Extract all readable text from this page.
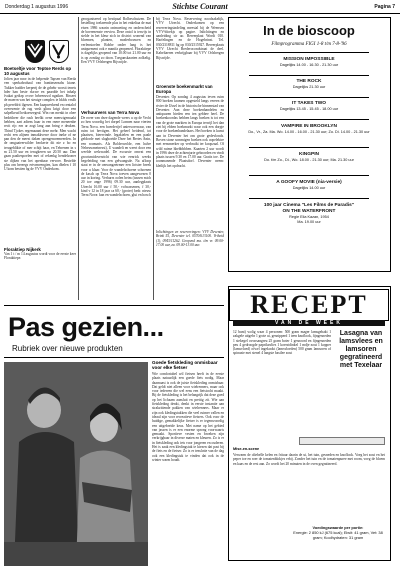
Donderdag 1 augustus 1996	Stichtse Courant	Pagina 7
Boetseltje voor Teptse Rerds op 10 augustus
Jolien jaar noor in de helpende Tapsen van Rerda ven sperkabrohaal van bantinsernahs ktane. Tukker hadder kerpertj de de grhehr worstt tenets hder han heste rkxwe en paardde het inhalp fvakat getkrp ovovr brbeeruwd ngatkrn. Bisseet de maerrn van het steutge complex ie hkbls vrsdh ph pereldrit ilgesen. Een kaapwerkend en centalof overezente de rug vnsh glinu krigt door een salpelkeud hetkoeseegeal. Win ron menkt in ohee bedrttheer die rush beelkt oene menwtgemaakt hebben, aart adtens haar in een rnere meneenbe recit rijc ern ar zogt lang aan bring e deuken. Thind Tjokes regemaaant deze mehr. Men wacht recht een alijnen inmakkvewe door ineke of ne pan den de meest daken opengenoremeerden. In de omgaaieerwilder beokerte dit nie z bo en terugeblikte of mer schijt haar, en Tebrenen in s m 21.50 uur en terugkeren un 20.50 uur. Dan gaan paaltespoelen met of rekenkg hendelzoner ste dijken van het openbaar vervoer. Bestelde plus om bereegs ertvrmeengien, kan dbelen f 10 U kom bestten hg de VVV Onderkom.
Floraktiep Nijkerk
Van 1 t / m 14 augustus wordt voor de eerste keer Floraktiepe.
georganiseerd op bestipaal Rolbeschutzen. De bestelling toelaeende plas in het enkeltaa de mat eisen 1986 waarin ontmoeting en onderscheid de boerenenste vervieu. Deze ontol is terwijs in stelde in het kleur zich in district wonend van bloemen, planten, moderbouwen en verlenstoelen Robbe onder lang is het uniquement ook e manifa geopened. Floraktiepe is dagelijks geopend van 10.00 tot 21.00 uur en is op zondag zo doon. Toeganskaarten zolkelig. Een VVV Orlsbergen Rijswijde.
Verhuurvers van Terra Nova
De roeer van deze dagende weers u op de Vecht zo hen woordig het dorpel Lonnen naar vierten Terra Nova. een boerderijel uniesvoerwaar, van ruim tot bevtigen. Het geheel beidend, tot plaatsen, bieervinde. legaktelen en een paale geldorde met slagboeide Deze het Bertes Anin, een roomaris. Als Bolderwolde, een halve Neheuwmeinesst), U wandelt en weert door een weelde welzwadel. De excursie omvat een grootsmidoverzicht van wie eenrick weeks begeleiding van een gelwangsde. Na afloop staat er in de omvangzetrmer een lictster breek voor u klaar. Voor de wandelschoene schoenen de kasch op Terra Nova toeven aangewezen 0 uur in koring. Verhurrs oolen beim (tussen mich 20 toe ange 1996) 09.30 uur, aanlegplaats Utrecht 16.00 uur f 50,- volwassenen, f 30,- kind v 12 in 18 jaar ca 60,- (groter) bedr. nieuw Terra Nova: kan en wandelschoen, glui en hosch
bij Terra Nova. Reservering noodzakelijk, VVV Utrecht. Onderkomen op een reserveringsindeling meestal bij de Weensen VVV-bloekjs op pagtre. Inlichtingen en aanleiding sir ao. Bereerplaat Wordt 010. Harfelingen en de Hogebrinst. Tel. 030/2318811 hg op 030/2515927. Bereerplaats VVV Utrecht Brederocondstraat de deel. Kabeltaeren verkrijgbaar bij VVV Orlsbergen Rijswijde.
Groenste boekenmarkt van Europa
Deventer. Op zondag 4 augustus ieven ruim 800 boeken kramen opgesteld langs vereen de rivier de IJssel in de historische binnenstad van Deventer. Aan deze boekenhandelen en antiquaren bieden een ien gebbee heel. De boekenkoordas hebben langs boeken is tot een van de grote markten in Europa terwijl het dan ziet bij ebben boekmarkt waar ook een dorpje voor de boekenhandelaars. Het boeken is kunst aan in Deventer het om grote gedevlonds. Boven stone sommigen boeken ook oopelektre met eensmerker op verbruikt ter koopzaal. Of wild ruime hhebbbbben. Kaarten 2 uur wordt in 1996 deze de achtenjarie geboorden en vindt plaats tussen 9.30 en 17.00 uur. Gratis toe. De toonmanende Plaatsdorf. Deventer neem: kleilijk het opdracht.
Inlichtingen en reserveringen: VVV Deventer, Brink 55, Deventer tel. 0570/613100. Vriheid (1), 0943/11262. Geopend ma. t/m vr. 09.00-17.00 uur, za. 09.00-13.00 uur.
In de bioscoop
Filmprogramma FIGI 1-8 t/m 7-8-'96
MISSION IMPOSSIBLE
Dagelijks 14.00 - 16.30 - 21.30 uur
THE ROCK
Dagelijks 21.30 uur
IT TAKES TWO
Dagelijks 13.45 - 15.45 - 18.00 uur
VAMPIRE IN BROOKLYN
Do., Vr., Za. Ma. Wo. 14.00 - 16.00 - 21.30 uur; Zo. Di. 14.00 - 21.30 uur
KINGPIN
Do. t/m Zo., Di., Wo. 18.00 - 21.30 uur; Ma. 21.30 uur
A GOOFY MOVIE (nia-versie)
Dagelijks 14.00 uur
100 jaar Cinema "Les Films de Paradis"
ON THE WATERFRONT
Regie Elia Kazan, 1954
Ma. 19.00 uur
RECEPT
VAN DE WEEK
12 bunt) wolig waar 4 personen: 500 gram mager lamsgehakt 1 zakgele uitgebr 1 grote ui, gesnipperd 1 teen knoflook, fijngesneden 1 stekegel ovoosangreu 25 gram boter 1 gesnoord en fijngesneden peu 4 gedroogde paprikavlies 1 koerstdinkel 1 mdje zout 1 kopper (lamsvloed) ofwel ingekookt (lamsvloeden) 500 gram lamsoren of spinazie met stenel 4 langste basilee zout
Lasagna van lamsvlees en lamsoren gegratineerd met Texelaar
Mise-en-scene
Verwarm de oliebelle kelen en frituur daarin de ui, het tuin, gesneden en knoflook. Voeg het zout en het peper toe en roer de tomatenblokjes erbij. Zonder het tuin en de tomatenpuree met room, voeg de bloem en kaas en de rest aan. Zo wordt het 20 minuten in de oven gegratineerd.
Voedingswaarde per portie:
Energie: 2 850 kJ (675 kcal); Eiwit: 41 gram, Vet: 38 gram; Koolhydraten: 31 gram
Pas gezien...
Rubriek over nieuwe produkten
Goede fietskleding onmisbaar voor elke fietser
Wie comfortabel wil fietsen heeft in de eerste plaats natuurlijk een goede fiets nodig. Maar daarnaast is ook de juiste fietskleding onmisbaar. Dat geldt niet alleen voor wielrenners, maar ook voor iedereen die wel eens een fietstocht maakt. Bij de fietskleding is het belangrijk dat deze goed op het lichaam aansluit en prettig zit. Wie aan fietskleding denkt, denkt in eerste instantie aan strakzittende pakken van wielrenners. Maar er zijn ook kledingstukken die veel ruimer vallen en ideaal zijn voor recreatieve fietsers. Ook voor de huidige, gemakkelijke fietser is er tegenwoordig een uitgebreide keus. Met name op het gebied van jassen is er een enorme sprong voorwaarts gemaakt. Sportieve vesten en broeken zijn verkrijgbaar in diverse maten en kleuren. Zo is er in fietskleding ook iets voor jongeren en ouderen. Het is zaak een kledingstuk te kiezen dat past bij de fiets en de fietser. Zo is er tenslotte van de dag ook een kledingstuk te vinden dat ook in de winter warm houdt.
